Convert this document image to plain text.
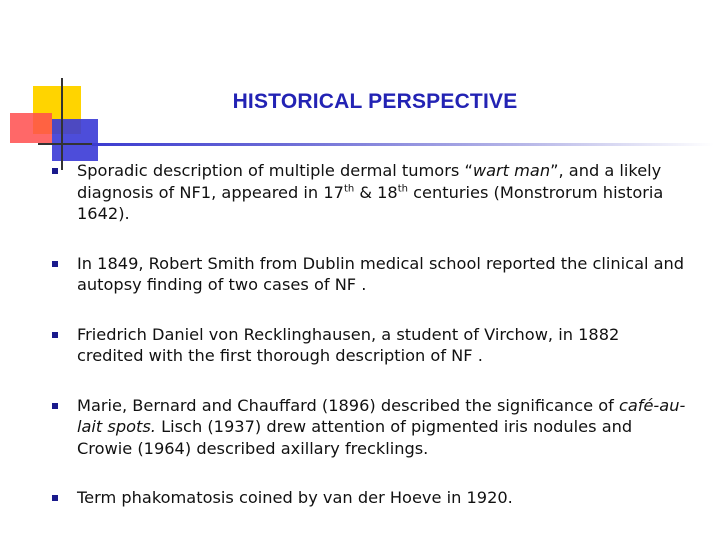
HISTORICAL PERSPECTIVE
Sporadic description of multiple dermal tumors “wart man”, and a likely diagnosis of NF1, appeared in 17th & 18th centuries (Monstrorum historia 1642).
In 1849, Robert Smith from Dublin medical school reported the clinical and autopsy finding of two cases of NF .
Friedrich Daniel von Recklinghausen, a student of Virchow, in 1882 credited with the first thorough description of NF .
Marie, Bernard and Chauffard (1896) described the significance of café-au-lait spots. Lisch (1937) drew attention of pigmented iris nodules and Crowie (1964) described axillary frecklings.
Term phakomatosis coined by van der Hoeve in 1920.
